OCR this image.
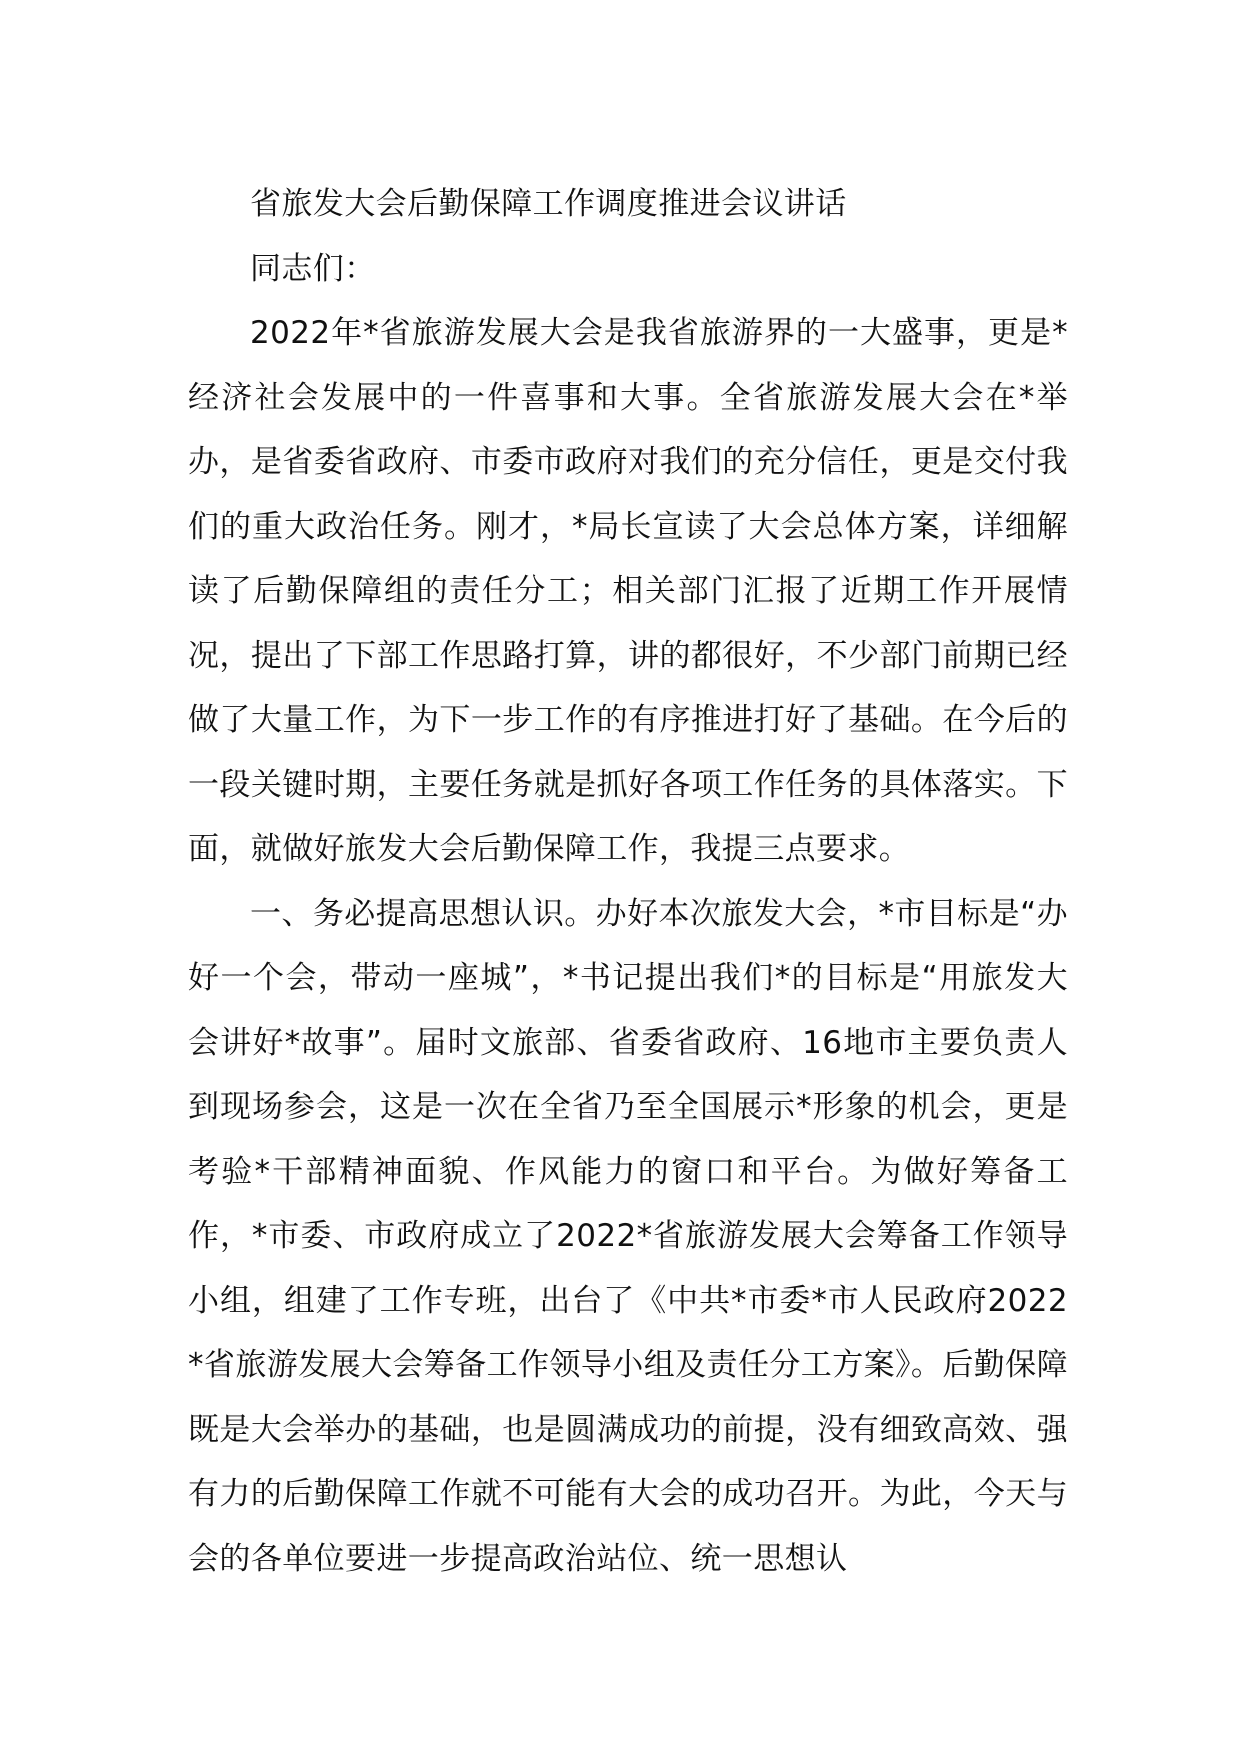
省旅发大会后勤保障工作调度推进会议讲话

同志们：

2022年*省旅游发展大会是我省旅游界的一大盛事，更是*经济社会发展中的一件喜事和大事。全省旅游发展大会在*举办，是省委省政府、市委市政府对我们的充分信任，更是交付我们的重大政治任务。刚才，*局长宣读了大会总体方案，详细解读了后勤保障组的责任分工；相关部门汇报了近期工作开展情况，提出了下部工作思路打算，讲的都很好，不少部门前期已经做了大量工作，为下一步工作的有序推进打好了基础。在今后的一段关键时期，主要任务就是抓好各项工作任务的具体落实。下面，就做好旅发大会后勤保障工作，我提三点要求。

一、务必提高思想认识。办好本次旅发大会，*市目标是“办好一个会，带动一座城”，*书记提出我们*的目标是“用旅发大会讲好*故事”。届时文旅部、省委省政府、16地市主要负责人到现场参会，这是一次在全省乃至全国展示*形象的机会，更是考验*干部精神面貌、作风能力的窗口和平台。为做好筹备工作，*市委、市政府成立了2022*省旅游发展大会筹备工作领导小组，组建了工作专班，出台了《中共*市委*市人民政府2022*省旅游发展大会筹备工作领导小组及责任分工方案》。后勤保障既是大会举办的基础，也是圆满成功的前提，没有细致高效、强有力的后勤保障工作就不可能有大会的成功召开。为此，今天与会的各单位要进一步提高政治站位、统一思想认
